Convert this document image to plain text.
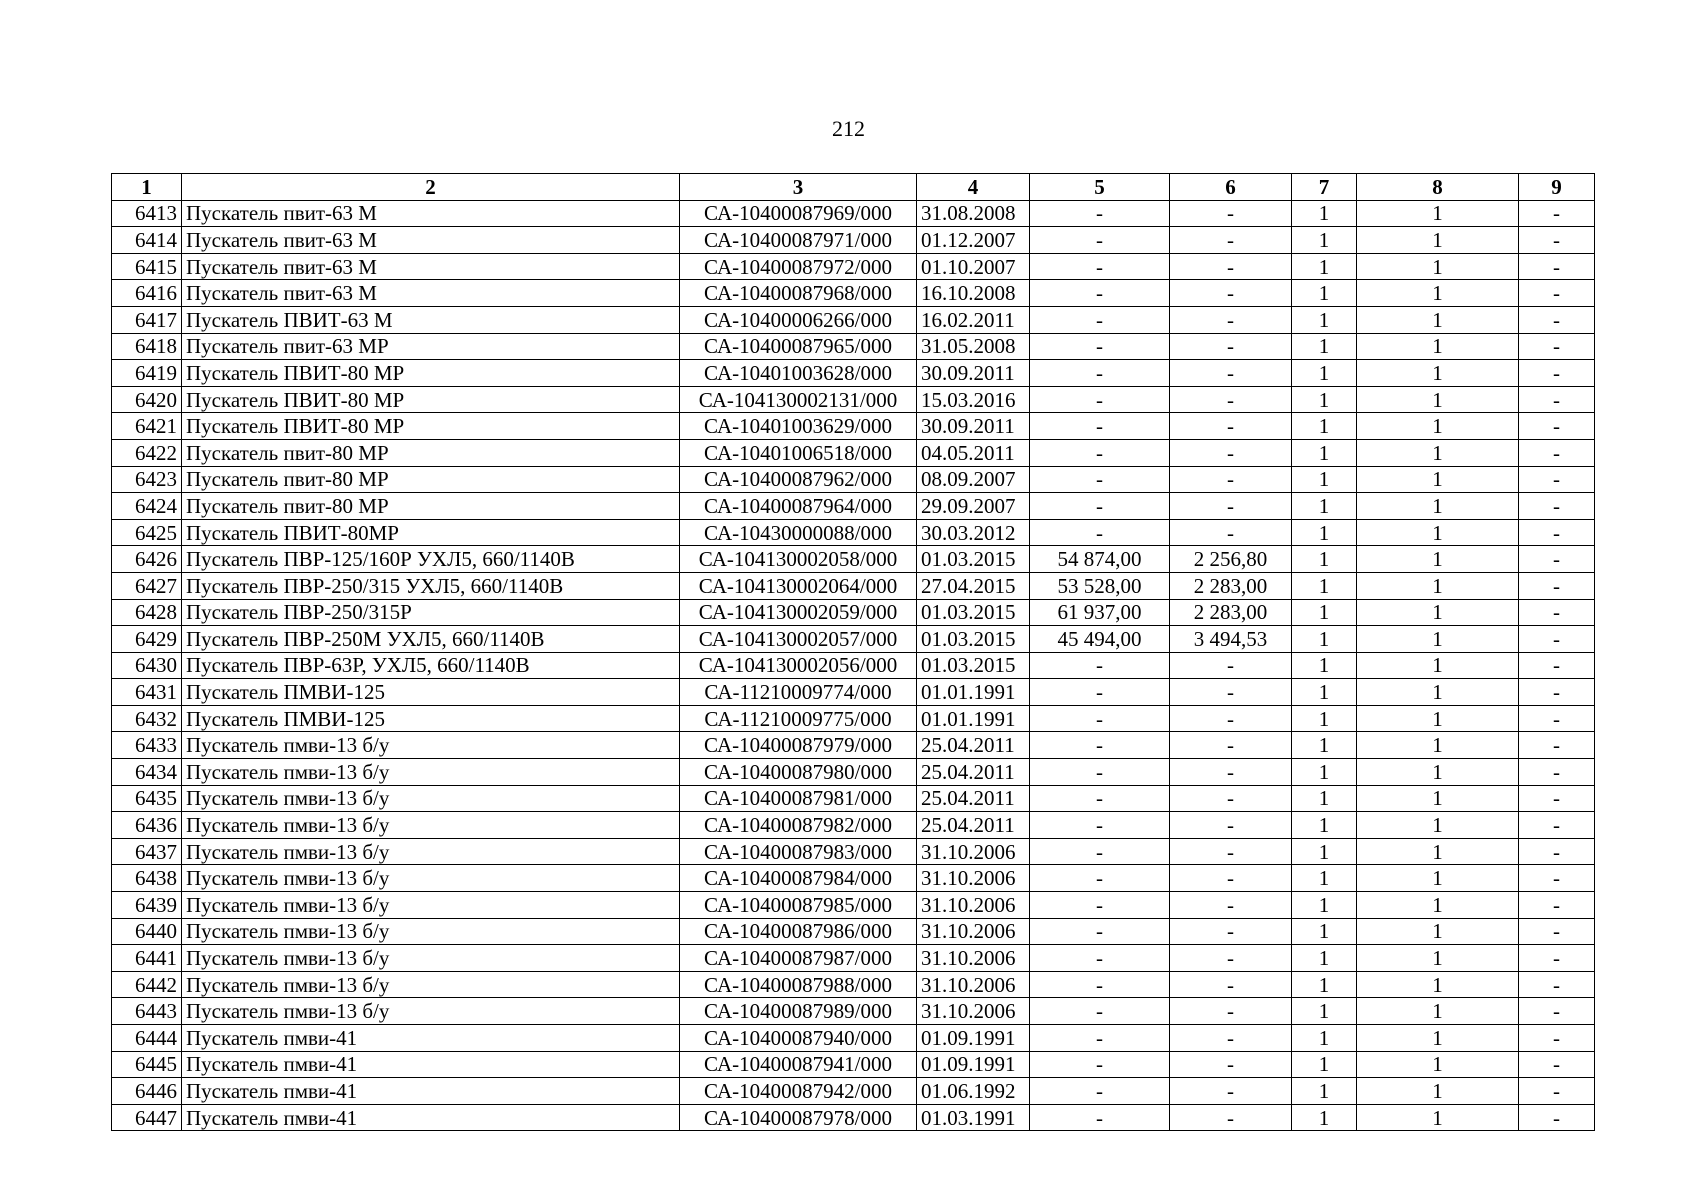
212
1	2	3	4	5	6	7	8	9
6413	Пускатель пвит-63 М	СА-10400087969/000	31.08.2008	-	-	1	1	-
6414	Пускатель пвит-63 М	СА-10400087971/000	01.12.2007	-	-	1	1	-
6415	Пускатель пвит-63 М	СА-10400087972/000	01.10.2007	-	-	1	1	-
6416	Пускатель пвит-63 М	СА-10400087968/000	16.10.2008	-	-	1	1	-
6417	Пускатель ПВИТ-63 М	СА-10400006266/000	16.02.2011	-	-	1	1	-
6418	Пускатель пвит-63 МР	СА-10400087965/000	31.05.2008	-	-	1	1	-
6419	Пускатель ПВИТ-80 МР	СА-10401003628/000	30.09.2011	-	-	1	1	-
6420	Пускатель ПВИТ-80 МР	СА-104130002131/000	15.03.2016	-	-	1	1	-
6421	Пускатель ПВИТ-80 МР	СА-10401003629/000	30.09.2011	-	-	1	1	-
6422	Пускатель пвит-80 МР	СА-10401006518/000	04.05.2011	-	-	1	1	-
6423	Пускатель пвит-80 МР	СА-10400087962/000	08.09.2007	-	-	1	1	-
6424	Пускатель пвит-80 МР	СА-10400087964/000	29.09.2007	-	-	1	1	-
6425	Пускатель ПВИТ-80МР	СА-10430000088/000	30.03.2012	-	-	1	1	-
6426	Пускатель ПВР-125/160Р УХЛ5, 660/1140В	СА-104130002058/000	01.03.2015	54 874,00	2 256,80	1	1	-
6427	Пускатель ПВР-250/315 УХЛ5, 660/1140В	СА-104130002064/000	27.04.2015	53 528,00	2 283,00	1	1	-
6428	Пускатель ПВР-250/315Р	СА-104130002059/000	01.03.2015	61 937,00	2 283,00	1	1	-
6429	Пускатель ПВР-250М УХЛ5, 660/1140В	СА-104130002057/000	01.03.2015	45 494,00	3 494,53	1	1	-
6430	Пускатель ПВР-63Р, УХЛ5, 660/1140В	СА-104130002056/000	01.03.2015	-	-	1	1	-
6431	Пускатель ПМВИ-125	СА-11210009774/000	01.01.1991	-	-	1	1	-
6432	Пускатель ПМВИ-125	СА-11210009775/000	01.01.1991	-	-	1	1	-
6433	Пускатель пмви-13 б/у	СА-10400087979/000	25.04.2011	-	-	1	1	-
6434	Пускатель пмви-13 б/у	СА-10400087980/000	25.04.2011	-	-	1	1	-
6435	Пускатель пмви-13 б/у	СА-10400087981/000	25.04.2011	-	-	1	1	-
6436	Пускатель пмви-13 б/у	СА-10400087982/000	25.04.2011	-	-	1	1	-
6437	Пускатель пмви-13 б/у	СА-10400087983/000	31.10.2006	-	-	1	1	-
6438	Пускатель пмви-13 б/у	СА-10400087984/000	31.10.2006	-	-	1	1	-
6439	Пускатель пмви-13 б/у	СА-10400087985/000	31.10.2006	-	-	1	1	-
6440	Пускатель пмви-13 б/у	СА-10400087986/000	31.10.2006	-	-	1	1	-
6441	Пускатель пмви-13 б/у	СА-10400087987/000	31.10.2006	-	-	1	1	-
6442	Пускатель пмви-13 б/у	СА-10400087988/000	31.10.2006	-	-	1	1	-
6443	Пускатель пмви-13 б/у	СА-10400087989/000	31.10.2006	-	-	1	1	-
6444	Пускатель пмви-41	СА-10400087940/000	01.09.1991	-	-	1	1	-
6445	Пускатель пмви-41	СА-10400087941/000	01.09.1991	-	-	1	1	-
6446	Пускатель пмви-41	СА-10400087942/000	01.06.1992	-	-	1	1	-
6447	Пускатель пмви-41	СА-10400087978/000	01.03.1991	-	-	1	1	-
